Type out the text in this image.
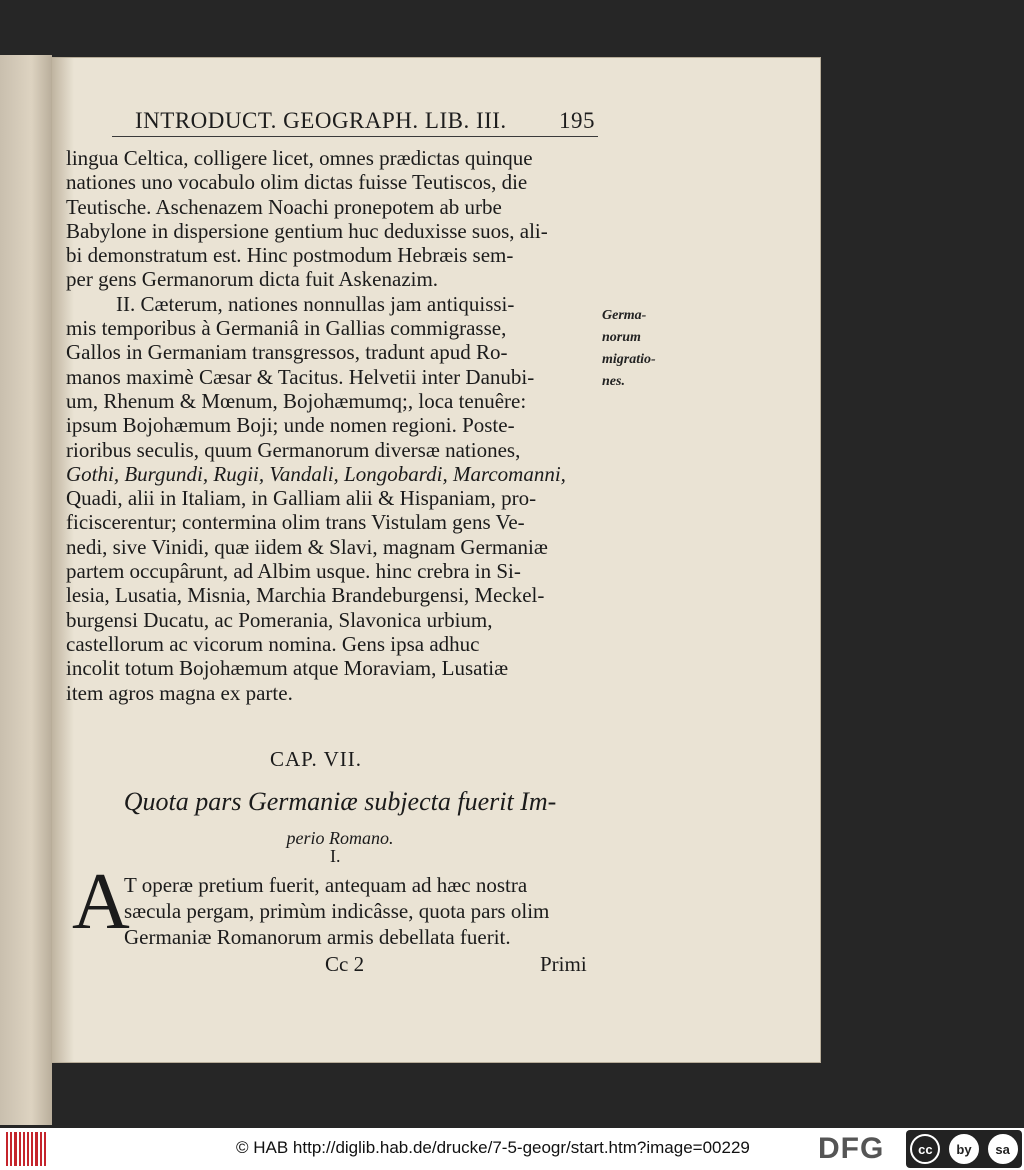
INTRODUCT. GEOGRAPH. LIB. III. 195

lingua Celtica, colligere licet, omnes prædictas quinque

nationes uno vocabulo olim dictas fuisse Teutiscos, die

Teutische. Aschenazem Noachi pronepotem ab urbe

Babylone in dispersione gentium huc deduxisse suos, ali-

bi demonstratum est. Hinc postmodum Hebræis sem-

per gens Germanorum dicta fuit Askenazim.

II. Cæterum, nationes nonnullas jam antiquissi-

mis temporibus à Germaniâ in Gallias commigrasse,

Gallos in Germaniam transgressos, tradunt apud Ro-

manos maximè Cæsar & Tacitus. Helvetii inter Danubi-

um, Rhenum & Mœnum, Bojohæmumq;, loca tenuêre:

ipsum Bojohæmum Boji; unde nomen regioni. Poste-

rioribus seculis, quum Germanorum diversæ nationes,

Gothi, Burgundi, Rugii, Vandali, Longobardi, Marcomanni,

Quadi, alii in Italiam, in Galliam alii & Hispaniam, pro-

ficiscerentur; contermina olim trans Vistulam gens Ve-

nedi, sive Vinidi, quæ iidem & Slavi, magnam Germaniæ

partem occupârunt, ad Albim usque. hinc crebra in Si-

lesia, Lusatia, Misnia, Marchia Brandeburgensi, Meckel-

burgensi Ducatu, ac Pomerania, Slavonica urbium,

castellorum ac vicorum nomina. Gens ipsa adhuc

incolit totum Bojohæmum atque Moraviam, Lusatiæ

item agros magna ex parte.

Germa-
norum
migratio-
nes.
CAP. VII.
Quota pars Germaniæ subjecta fuerit Im-
perio Romano.
I.
A
T operæ pretium fuerit, antequam ad hæc nostra
sæcula pergam, primùm indicâsse, quota pars olim
Germaniæ Romanorum armis debellata fuerit.
Cc 2	Primi
© HAB http://diglib.hab.de/drucke/7-5-geogr/start.htm?image=00229 DFG	cc	by	sa
